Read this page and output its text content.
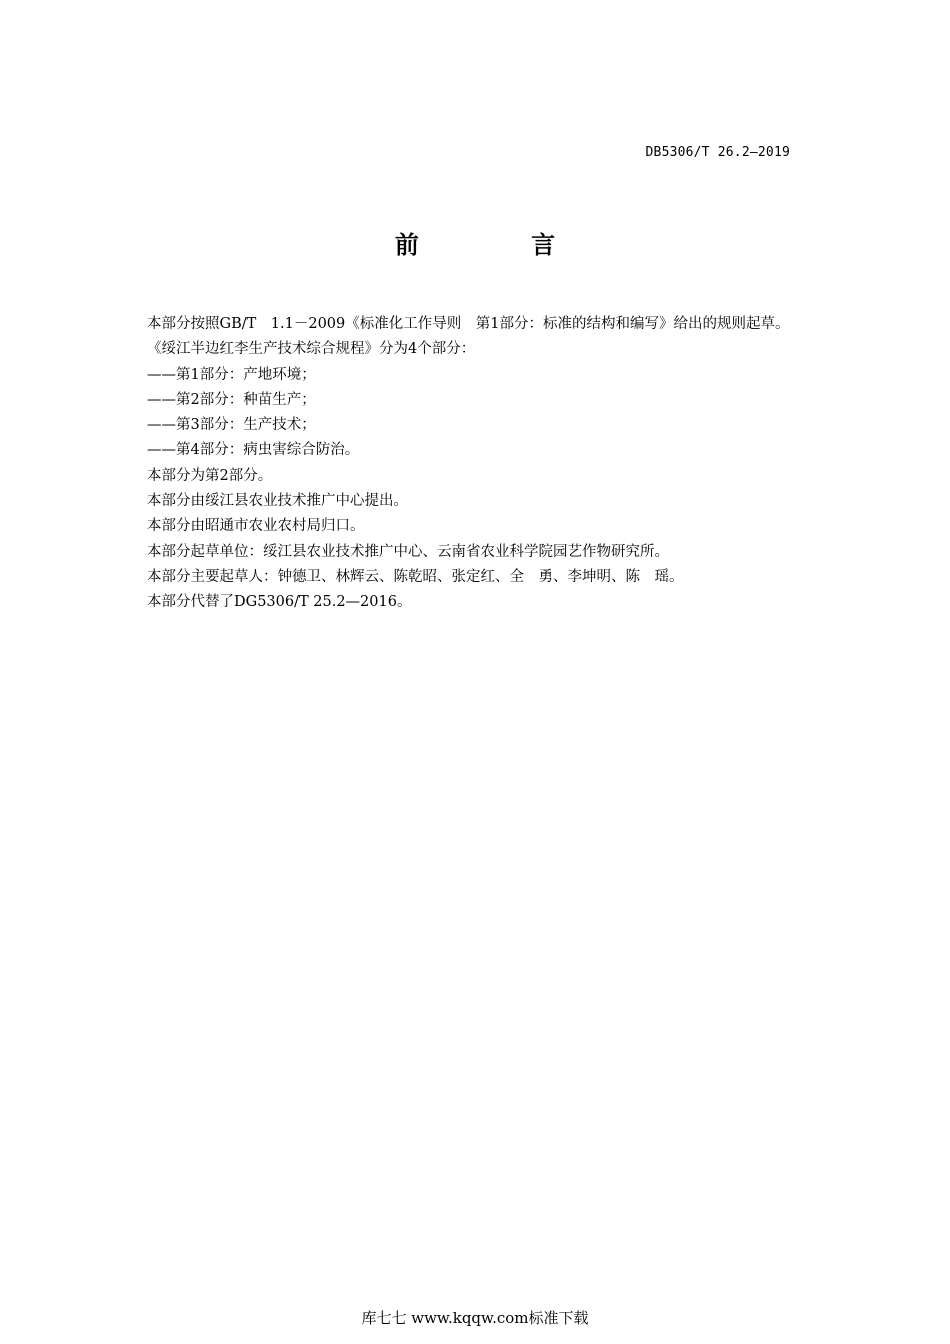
DB5306/T 26.2—2019
前 言

本部分按照GB/T　1.1－2009《标准化工作导则　第1部分：标准的结构和编写》给出的规则起草。

《绥江半边红李生产技术综合规程》分为4个部分：

——第1部分：产地环境；

——第2部分：种苗生产；

——第3部分：生产技术；

——第4部分：病虫害综合防治。

本部分为第2部分。

本部分由绥江县农业技术推广中心提出。

本部分由昭通市农业农村局归口。

本部分起草单位：绥江县农业技术推广中心、云南省农业科学院园艺作物研究所。

本部分主要起草人：钟德卫、林辉云、陈乾昭、张定红、全　勇、李坤明、陈　瑶。

本部分代替了DG5306/T 25.2—2016。

库七七 www.kqqw.com标准下载
